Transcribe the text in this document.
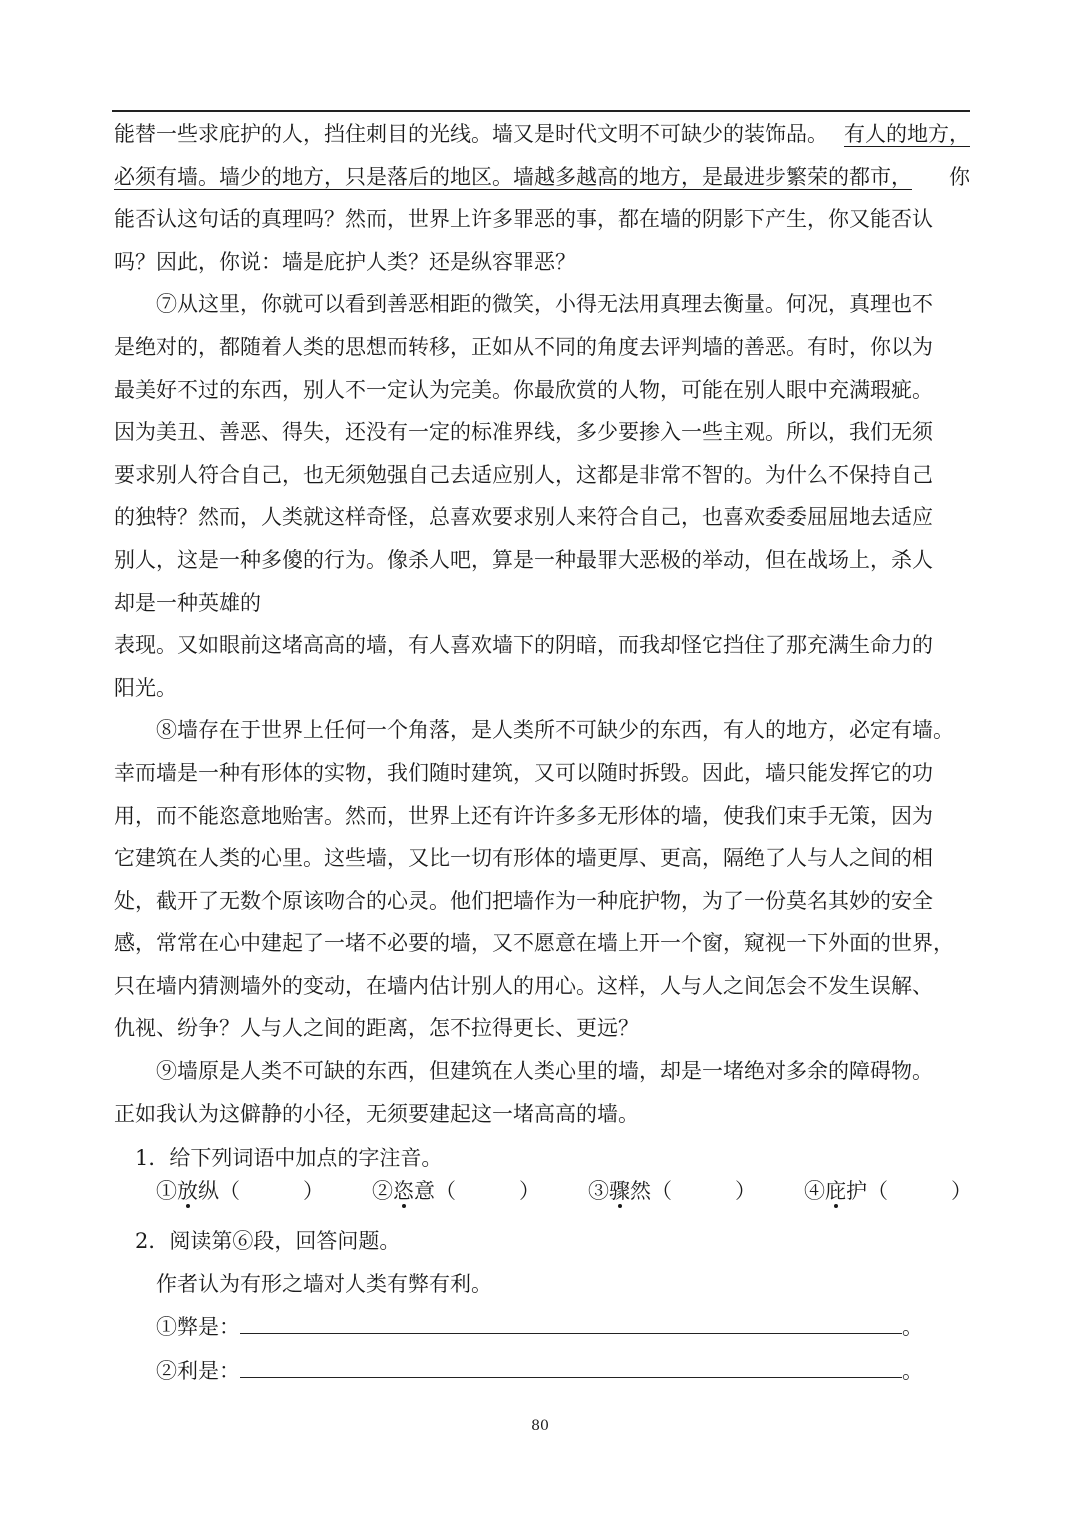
能替一些求庇护的人，挡住刺目的光线。墙又是时代文明不可缺少的装饰品。 有人的地方，
必须有墙。墙少的地方，只是落后的地区。墙越多越高的地方，是最进步繁荣的都市， 你
能否认这句话的真理吗？然而，世界上许多罪恶的事，都在墙的阴影下产生，你又能否认
吗？因此，你说：墙是庇护人类？还是纵容罪恶？
⑦从这里，你就可以看到善恶相距的微笑，小得无法用真理去衡量。何况，真理也不
是绝对的，都随着人类的思想而转移，正如从不同的角度去评判墙的善恶。有时，你以为
最美好不过的东西，别人不一定认为完美。你最欣赏的人物，可能在别人眼中充满瑕疵。
因为美丑、善恶、得失，还没有一定的标准界线，多少要掺入一些主观。所以，我们无须
要求别人符合自己，也无须勉强自己去适应别人，这都是非常不智的。为什么不保持自己
的独特？然而，人类就这样奇怪，总喜欢要求别人来符合自己，也喜欢委委屈屈地去适应
别人，这是一种多傻的行为。像杀人吧，算是一种最罪大恶极的举动，但在战场上，杀人
却是一种英雄的
表现。又如眼前这堵高高的墙，有人喜欢墙下的阴暗，而我却怪它挡住了那充满生命力的
阳光。
⑧墙存在于世界上任何一个角落，是人类所不可缺少的东西，有人的地方，必定有墙。
幸而墙是一种有形体的实物，我们随时建筑，又可以随时拆毁。因此，墙只能发挥它的功
用，而不能恣意地贻害。然而，世界上还有许许多多无形体的墙，使我们束手无策，因为
它建筑在人类的心里。这些墙，又比一切有形体的墙更厚、更高，隔绝了人与人之间的相
处，截开了无数个原该吻合的心灵。他们把墙作为一种庇护物，为了一份莫名其妙的安全
感，常常在心中建起了一堵不必要的墙，又不愿意在墙上开一个窗，窥视一下外面的世界，
只在墙内猜测墙外的变动，在墙内估计别人的用心。这样，人与人之间怎会不发生误解、
仇视、纷争？人与人之间的距离，怎不拉得更长、更远？
⑨墙原是人类不可缺的东西，但建筑在人类心里的墙，却是一堵绝对多余的障碍物。
正如我认为这僻静的小径，无须要建起这一堵高高的墙。
1．给下列词语中加点的字注音。
①放纵（　　　） ②恣意（　　　） ③骤然（　　　） ④庇护（　　　）
2．阅读第⑥段，回答问题。
作者认为有形之墙对人类有弊有利。
①弊是：	。
②利是：	。
80
